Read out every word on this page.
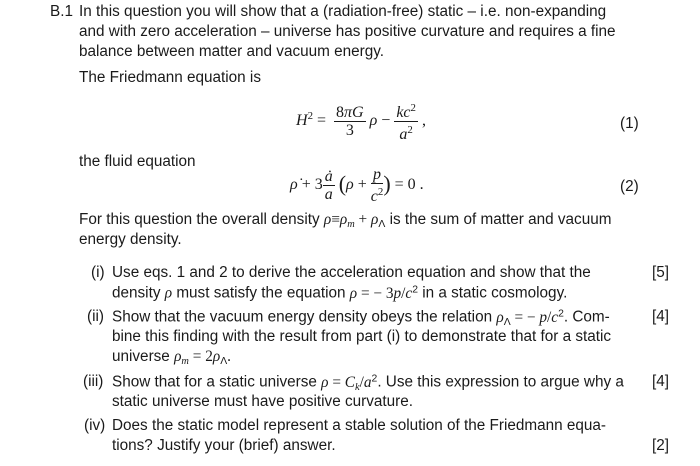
B.1 In this question you will show that a (radiation-free) static – i.e. non-expanding
and with zero acceleration – universe has positive curvature and requires a fine
balance between matter and vacuum energy.
The Friedmann equation is
$H^2 = \frac{8\pi G}{3}$ $\rho - \frac{kc^2}{a^2}$ ,	(1)
the fluid equation
ρ̇ + $3 \frac{ȧ}{a} (\rho + \frac{p}{c^2}$ ) = 0 .	(2)
For this question the overall density $\rho\equiv\rho_m + \rho_\Lambda$ is the sum of matter and vacuum
energy density.
(i) Use eqs. 1 and 2 to derive the acceleration equation and show that the
density ρ must satisfy the equation ρ = − $3p/c^2$ in a static cosmology.
[5]
(ii) Show that the vacuum energy density obeys the relation $\rho_\Lambda$ = − $p/c^2$. Com-
bine this finding with the result from part (i) to demonstrate that for a static
universe $\rho_m = 2\rho_\Lambda$.
[4]
(iii) Show that for a static universe $\rho = C_k/a^2$. Use this expression to argue why a
static universe must have positive curvature.
[4]
(iv) Does the static model represent a stable solution of the Friedmann equa-
tions? Justify your (brief) answer.	[2]
